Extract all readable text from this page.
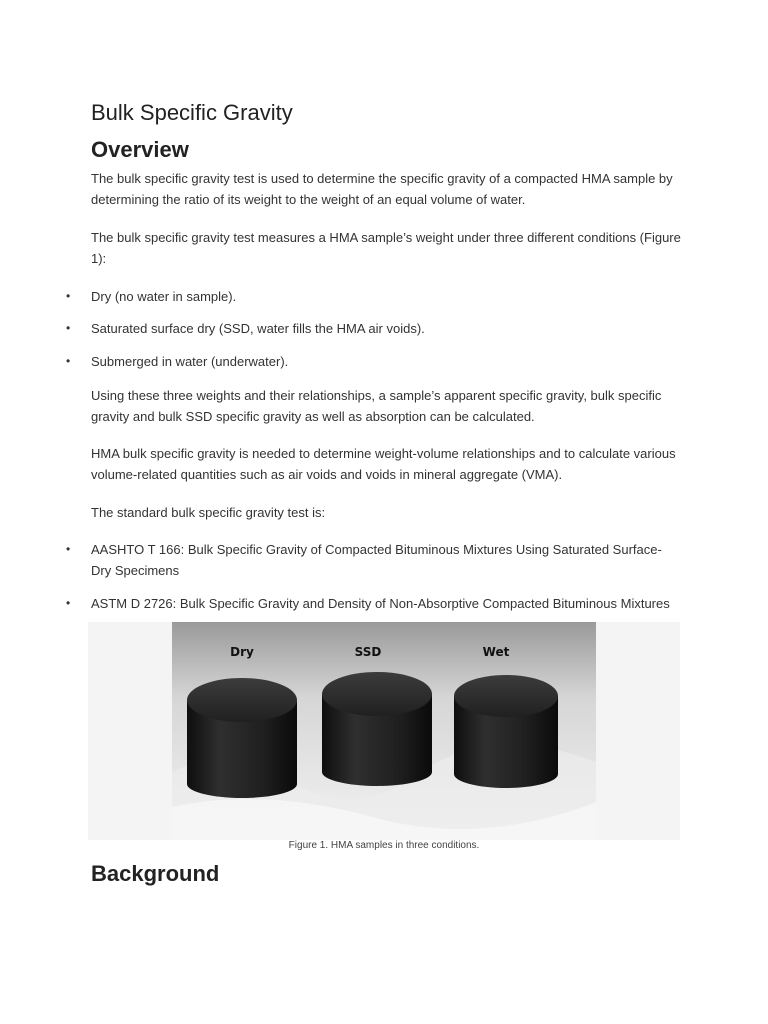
Bulk Specific Gravity
Overview

The bulk specific gravity test is used to determine the specific gravity of a compacted HMA sample by determining the ratio of its weight to the weight of an equal volume of water.

The bulk specific gravity test measures a HMA sample’s weight under three different conditions (Figure 1):

• Dry (no water in sample).

• Saturated surface dry (SSD, water fills the HMA air voids).

• Submerged in water (underwater).

Using these three weights and their relationships, a sample’s apparent specific gravity, bulk specific gravity and bulk SSD specific gravity as well as absorption can be calculated.

HMA bulk specific gravity is needed to determine weight-volume relationships and to calculate various volume-related quantities such as air voids and voids in mineral aggregate (VMA).

The standard bulk specific gravity test is:

• AASHTO T 166: Bulk Specific Gravity of Compacted Bituminous Mixtures Using Saturated Surface-Dry Specimens

• ASTM D 2726: Bulk Specific Gravity and Density of Non-Absorptive Compacted Bituminous Mixtures

Dry	SSD	Wet
Figure 1. HMA samples in three conditions.
Background
